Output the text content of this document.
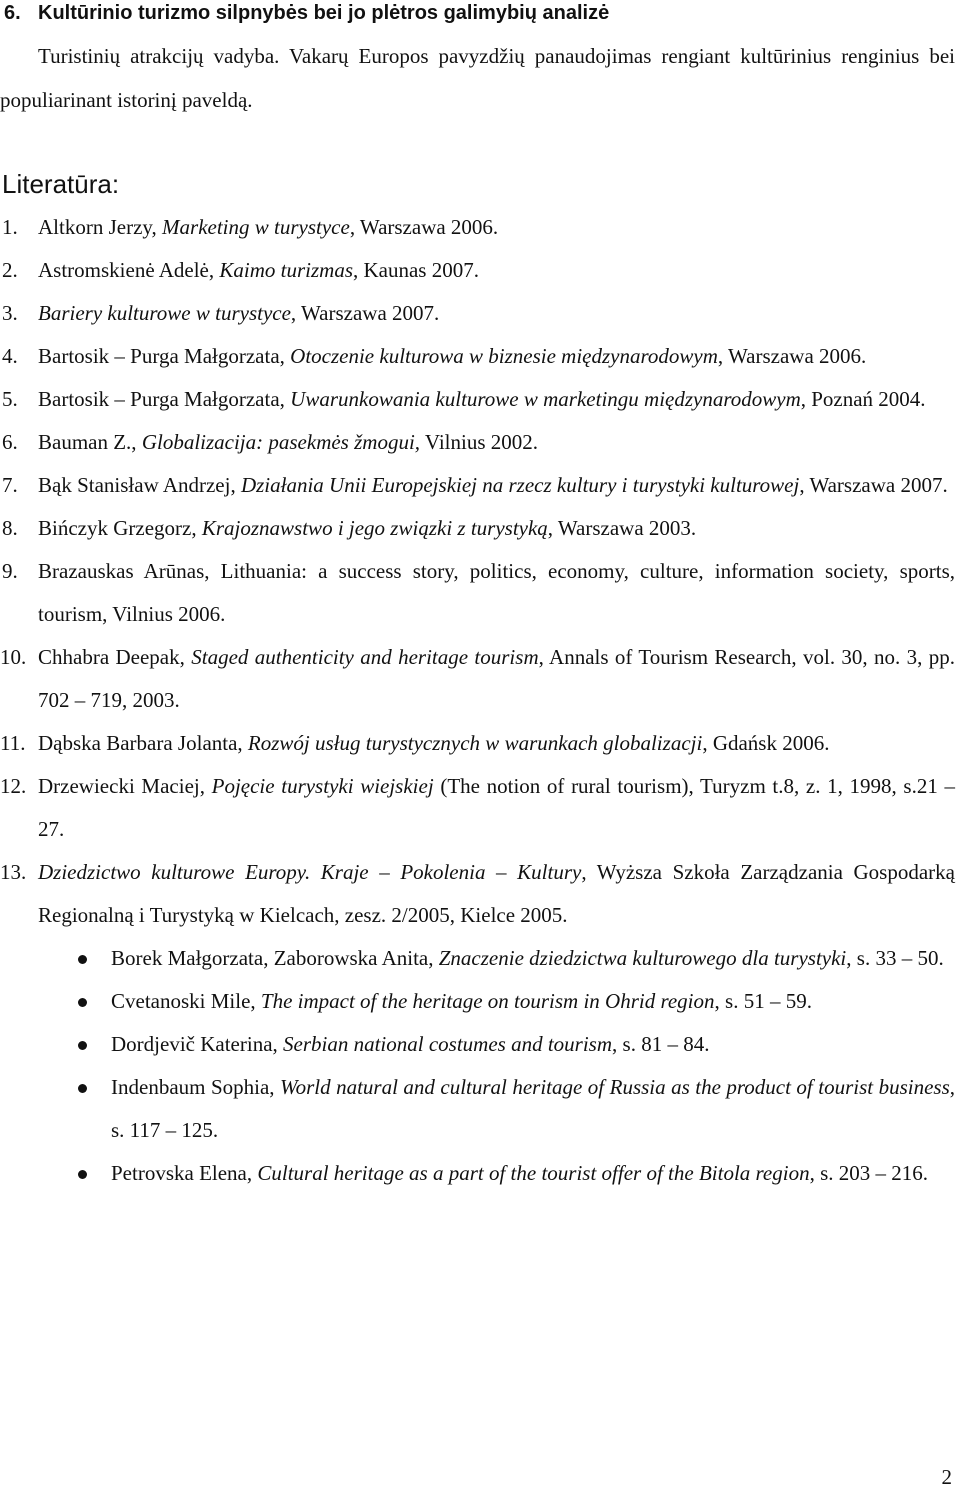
6. Kultūrinio turizmo silpnybės bei jo plėtros galimybių analizė

Turistinių atrakcijų vadyba. Vakarų Europos pavyzdžių panaudojimas rengiant kultūrinius renginius bei populiarinant istorinį paveldą.

Literatūra:
1. Altkorn Jerzy, Marketing w turystyce, Warszawa 2006.
2. Astromskienė Adelė, Kaimo turizmas, Kaunas 2007.
3. Bariery kulturowe w turystyce, Warszawa 2007.
4. Bartosik – Purga Małgorzata, Otoczenie kulturowa w biznesie międzynarodowym, Warszawa 2006.
5. Bartosik – Purga Małgorzata, Uwarunkowania kulturowe w marketingu międzynarodowym, Poznań 2004.
6. Bauman Z., Globalizacija: pasekmės žmogui, Vilnius 2002.
7. Bąk Stanisław Andrzej, Działania Unii Europejskiej na rzecz kultury i turystyki kulturowej, Warszawa 2007.
8. Bińczyk Grzegorz, Krajoznawstwo i jego związki z turystyką, Warszawa 2003.
9. Brazauskas Arūnas, Lithuania: a success story, politics, economy, culture, information society, sports, tourism, Vilnius 2006.
10. Chhabra Deepak, Staged authenticity and heritage tourism, Annals of Tourism Research, vol. 30, no. 3, pp. 702 – 719, 2003.
11. Dąbska Barbara Jolanta, Rozwój usług turystycznych w warunkach globalizacji, Gdańsk 2006.
12. Drzewiecki Maciej, Pojęcie turystyki wiejskiej (The notion of rural tourism), Turyzm t.8, z. 1, 1998, s.21 – 27.
13. Dziedzictwo kulturowe Europy. Kraje – Pokolenia – Kultury, Wyższa Szkoła Zarządzania Gospodarką Regionalną i Turystyką w Kielcach, zesz. 2/2005, Kielce 2005.
Borek Małgorzata, Zaborowska Anita, Znaczenie dziedzictwa kulturowego dla turystyki, s. 33 – 50.
Cvetanoski Mile, The impact of the heritage on tourism in Ohrid region, s. 51 – 59.
Dordjevič Katerina, Serbian national costumes and tourism, s. 81 – 84.
Indenbaum Sophia, World natural and cultural heritage of Russia as the product of tourist business, s. 117 – 125.
Petrovska Elena, Cultural heritage as a part of the tourist offer of the Bitola region, s. 203 – 216.
2
